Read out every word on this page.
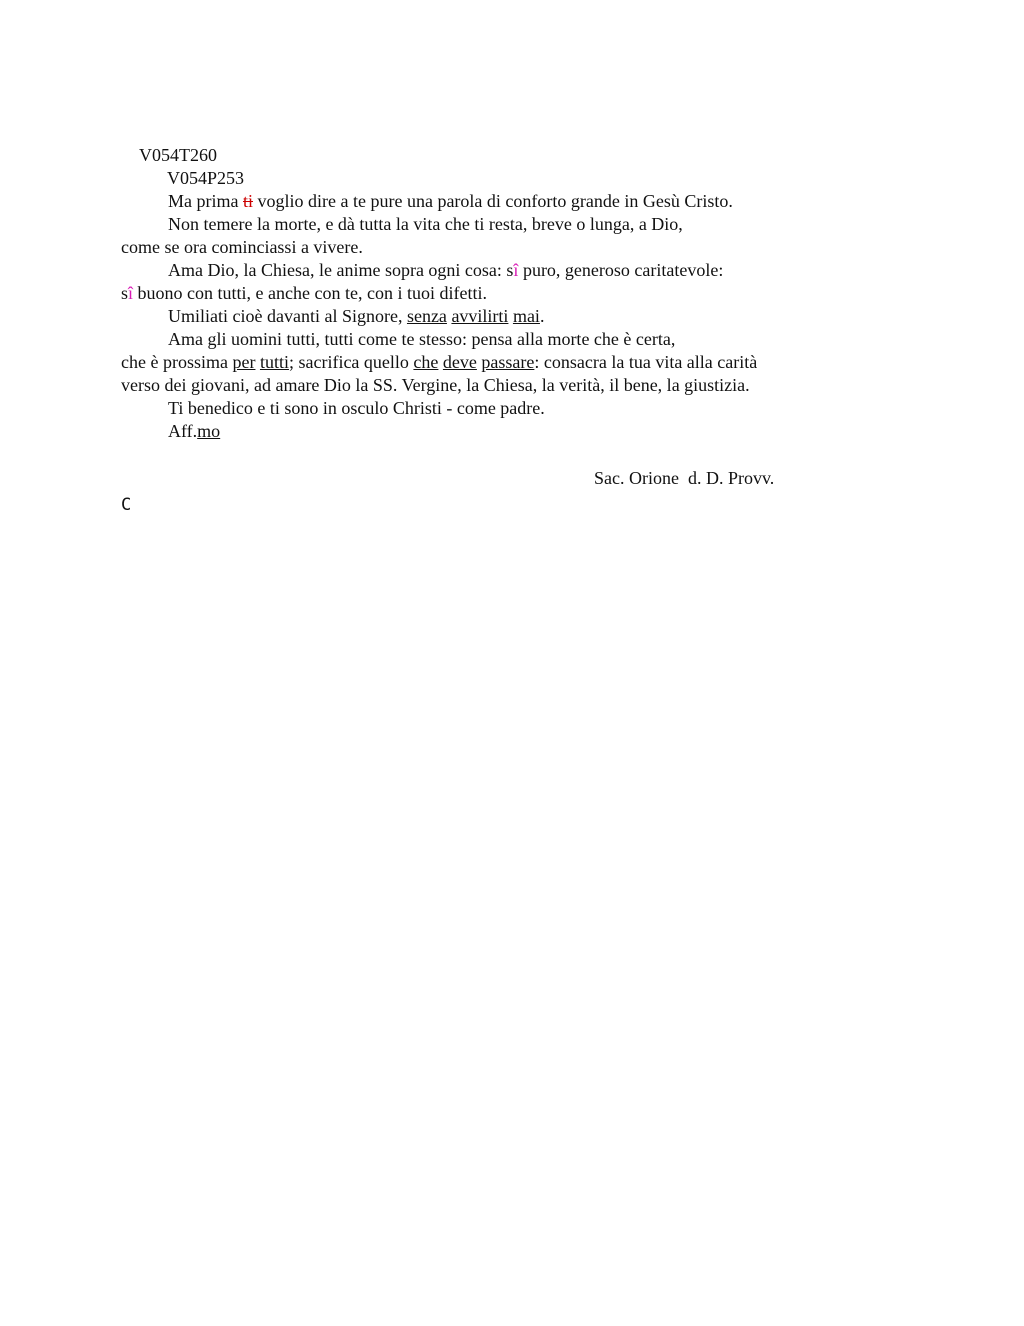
V054T260
V054P253

Ma prima ti voglio dire a te pure una parola di conforto grande in Gesù Cristo.
Non temere la morte, e dà tutta la vita che ti resta, breve o lunga, a Dio,
come se ora cominciassi a vivere.
Ama Dio, la Chiesa, le anime sopra ogni cosa: sî puro, generoso caritatevole:
sî buono con tutti, e anche con te, con i tuoi difetti.
Umiliati cioè davanti al Signore, senza avvilirti mai.
Ama gli uomini tutti, tutti come te stesso: pensa alla morte che è certa,
che è prossima per tutti; sacrifica quello che deve passare: consacra la tua vita alla carità
verso dei giovani, ad amare Dio la SS. Vergine, la Chiesa, la verità, il bene, la giustizia.
Ti benedico e ti sono in osculo Christi - come padre.
Aff.mo
Sac. Orione  d. D. Provv.
C
